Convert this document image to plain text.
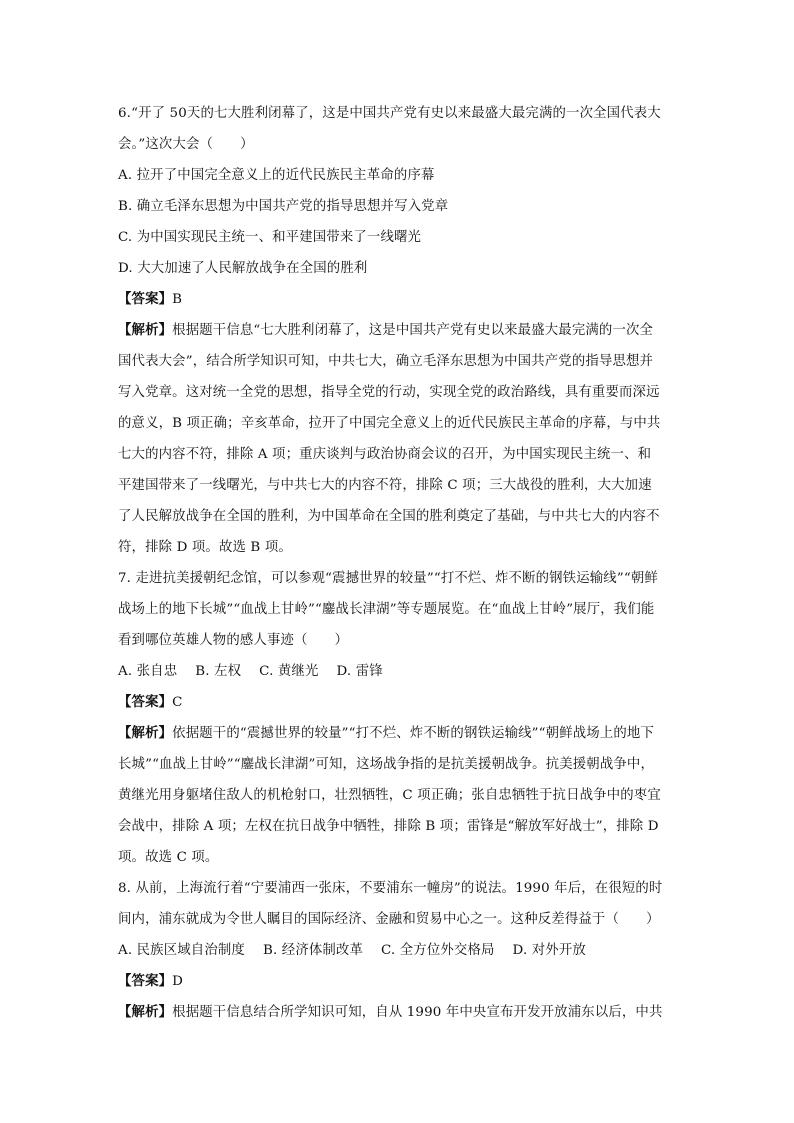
6.“开了 50天的七大胜利闭幕了，这是中国共产党有史以来最盛大最完满的一次全国代表大
会。”这次大会（　　）
A. 拉开了中国完全意义上的近代民族民主革命的序幕
B. 确立毛泽东思想为中国共产党的指导思想并写入党章
C. 为中国实现民主统一、和平建国带来了一线曙光
D. 大大加速了人民解放战争在全国的胜利
【答案】B
【解析】根据题干信息“七大胜利闭幕了，这是中国共产党有史以来最盛大最完满的一次全
国代表大会”，结合所学知识可知，中共七大，确立毛泽东思想为中国共产党的指导思想并
写入党章。这对统一全党的思想，指导全党的行动，实现全党的政治路线，具有重要而深远
的意义，B 项正确；辛亥革命，拉开了中国完全意义上的近代民族民主革命的序幕，与中共
七大的内容不符，排除 A 项；重庆谈判与政治协商会议的召开，为中国实现民主统一、和
平建国带来了一线曙光，与中共七大的内容不符，排除 C 项；三大战役的胜利，大大加速
了人民解放战争在全国的胜利，为中国革命在全国的胜利奠定了基础，与中共七大的内容不
符，排除 D 项。故选 B 项。
7. 走进抗美援朝纪念馆，可以参观“震撼世界的较量”“打不烂、炸不断的钢铁运输线”“朝鲜
战场上的地下长城”“血战上甘岭”“鏖战长津湖”等专题展览。在“血战上甘岭”展厅，我们能
看到哪位英雄人物的感人事迹（　　）
A. 张自忠 B. 左权 C. 黄继光 D. 雷锋
【答案】C
【解析】依据题干的“震撼世界的较量”“打不烂、炸不断的钢铁运输线”“朝鲜战场上的地下
长城”“血战上甘岭”“鏖战长津湖”可知，这场战争指的是抗美援朝战争。抗美援朝战争中，
黄继光用身躯堵住敌人的机枪射口，壮烈牺牲，C 项正确；张自忠牺牲于抗日战争中的枣宜
会战中，排除 A 项；左权在抗日战争中牺牲，排除 B 项；雷锋是“解放军好战士”，排除 D
项。故选 C 项。
8. 从前，上海流行着“宁要浦西一张床，不要浦东一幢房”的说法。1990 年后，在很短的时
间内，浦东就成为令世人瞩目的国际经济、金融和贸易中心之一。这种反差得益于（　　）
A. 民族区域自治制度 B. 经济体制改革 C. 全方位外交格局 D. 对外开放
【答案】D
【解析】根据题干信息结合所学知识可知，自从 1990 年中央宣布开发开放浦东以后，中共
